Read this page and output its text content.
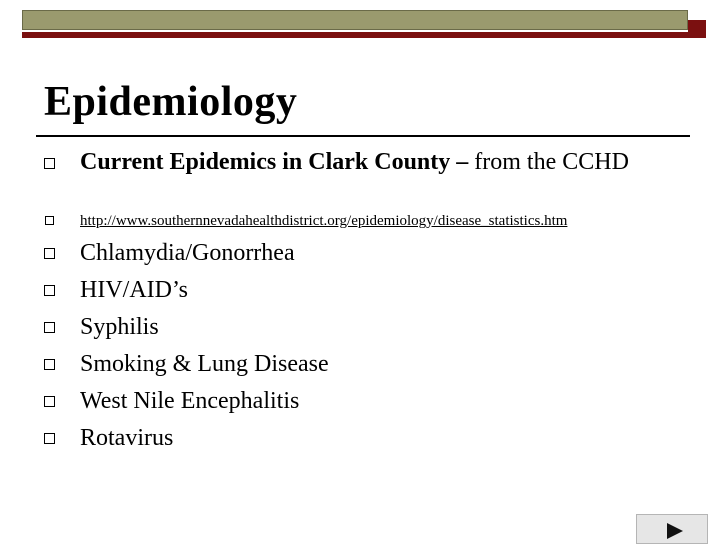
Epidemiology
Current Epidemics in Clark County – from the CCHD
http://www.southernnevadahealthdistrict.org/epidemiology/disease_statistics.htm
Chlamydia/Gonorrhea
HIV/AID’s
Syphilis
Smoking & Lung Disease
West Nile Encephalitis
Rotavirus
